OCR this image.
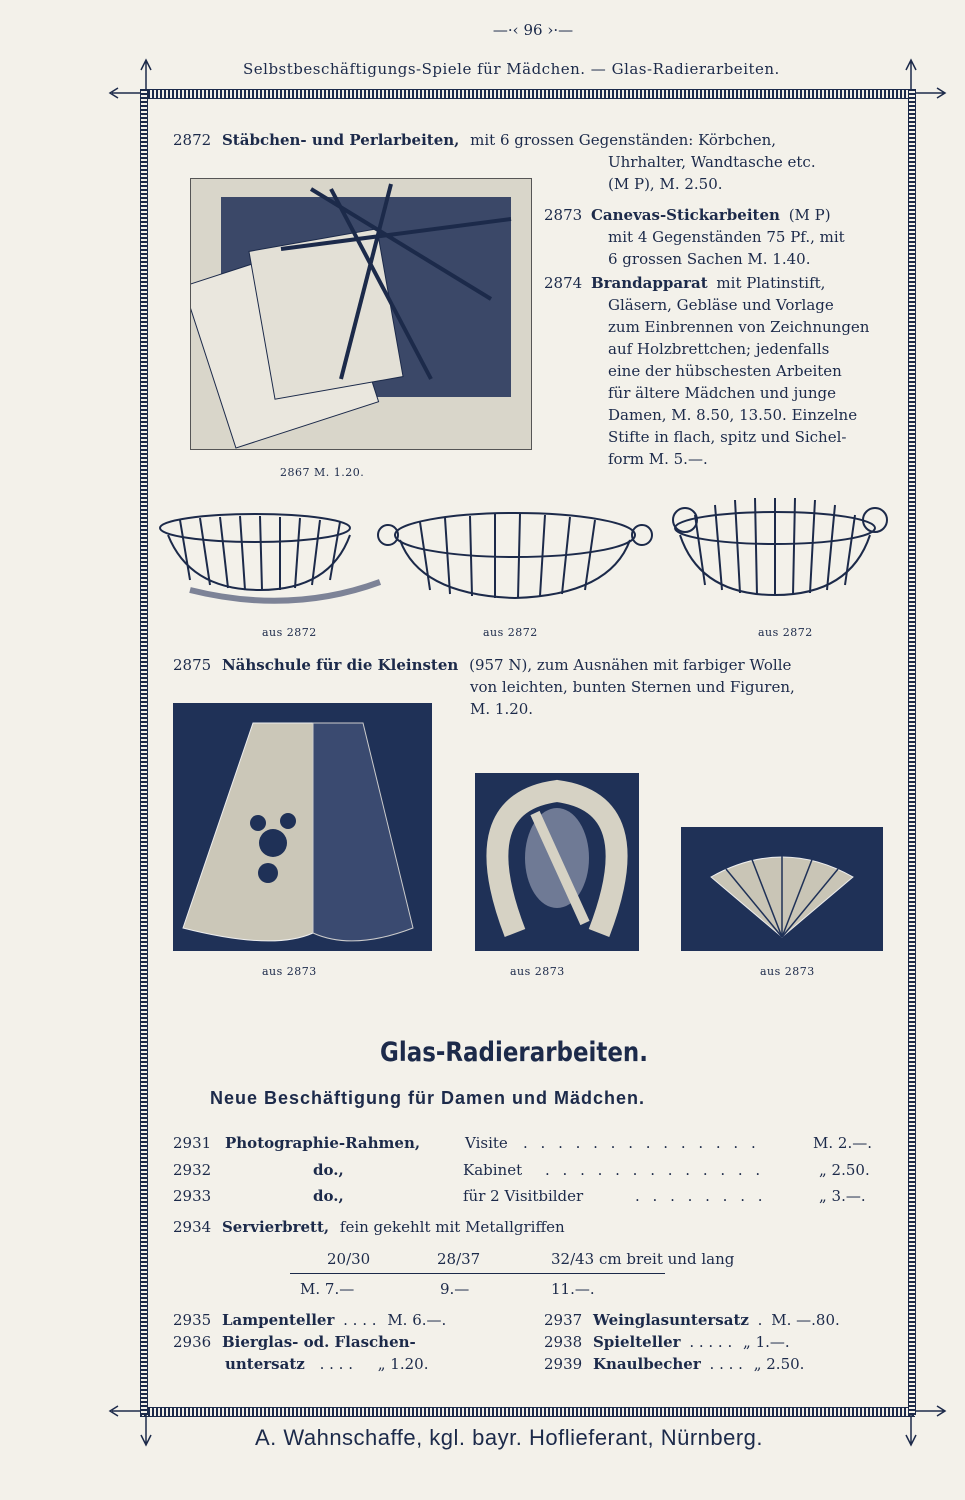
—·‹ 96 ›·—
Selbstbeschäftigungs-Spiele für Mädchen. — Glas-Radierarbeiten.
2872 Stäbchen- und Perlarbeiten, mit 6 grossen Gegenständen: Körbchen,
Uhrhalter, Wandtasche etc.
(M P), M. 2.50.
2867 M. 1.20.
2873 Canevas-Stickarbeiten (M P)
mit 4 Gegenständen 75 Pf., mit
6 grossen Sachen M. 1.40.
2874 Brandapparat mit Platinstift,
Gläsern, Gebläse und Vorlage
zum Einbrennen von Zeichnungen
auf Holzbrettchen; jedenfalls
eine der hübschesten Arbeiten
für ältere Mädchen und junge
Damen, M. 8.50, 13.50. Einzelne
Stifte in flach, spitz und Sichel-
form M. 5.—.
aus 2872	aus 2872	aus 2872
2875 Nähschule für die Kleinsten (957 N), zum Ausnähen mit farbiger Wolle
von leichten, bunten Sternen und Figuren,
M. 1.20.
aus 2873	aus 2873	aus 2873
Glas-Radierarbeiten.
Neue Beschäftigung für Damen und Mädchen.
2931 Photographie-Rahmen,	Visite . . . . . . . . . . . . . .	M. 2.—.
2932	do.,	Kabinet . . . . . . . . . . . . .	„ 2.50.
2933	do.,	für 2 Visitbilder	. . . . . . . .	„ 3.—.
2934 Servierbrett, fein gekehlt mit Metallgriffen
20/30	28/37	32/43 cm breit und lang
M. 7.—	9.—	11.—.
2935 Lampenteller . . . . M. 6.—.
2936 Bierglas- od. Flaschen-
untersatz . . . . „ 1.20.
2937 Weinglasuntersatz . M. —.80.
2938 Spielteller . . . . . „ 1.—.
2939 Knaulbecher . . . . „ 2.50.
A. Wahnschaffe, kgl. bayr. Hoflieferant, Nürnberg.
